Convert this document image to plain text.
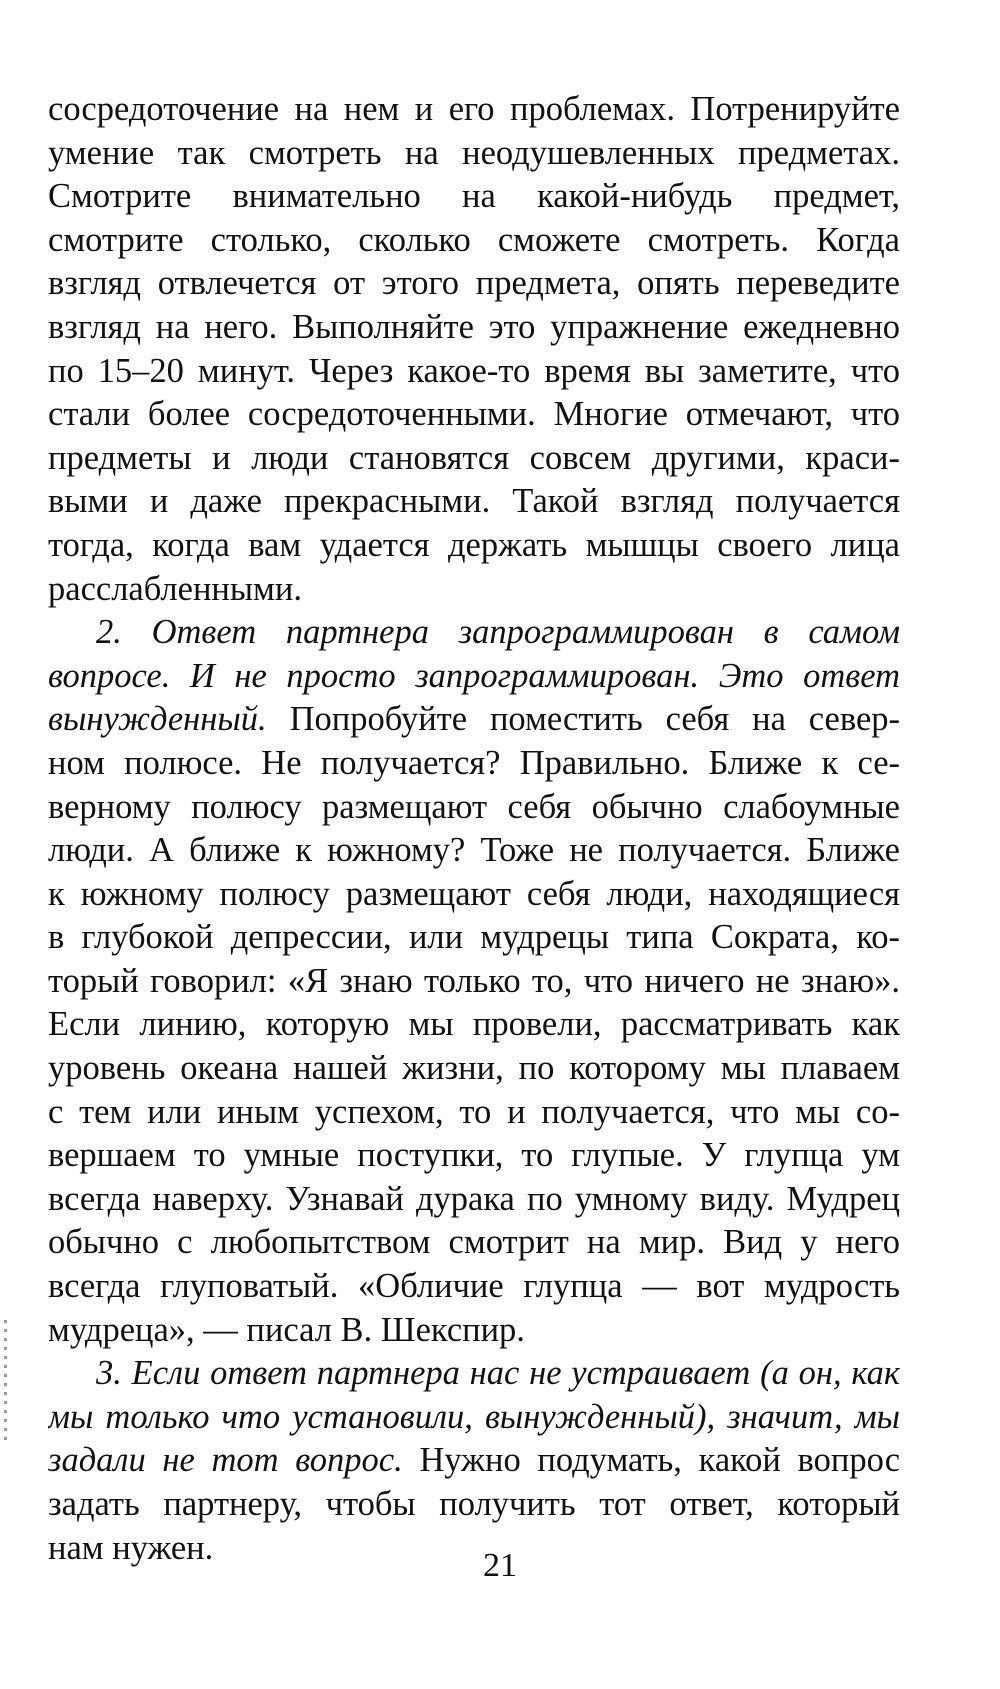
сосредоточение на нем и его проблемах. Потренируйте
умение так смотреть на неодушевленных предметах.
Смотрите внимательно на какой-нибудь предмет,
смотрите столько, сколько сможете смотреть. Когда
взгляд отвлечется от этого предмета, опять переведите
взгляд на него. Выполняйте это упражнение ежедневно
по 15–20 минут. Через какое-то время вы заметите, что
стали более сосредоточенными. Многие отмечают, что
предметы и люди становятся совсем другими, краси-
выми и даже прекрасными. Такой взгляд получается
тогда, когда вам удается держать мышцы своего лица
расслабленными.
2. Ответ партнера запрограммирован в самом
вопросе. И не просто запрограммирован. Это ответ
вынужденный. Попробуйте поместить себя на север-
ном полюсе. Не получается? Правильно. Ближе к се-
верному полюсу размещают себя обычно слабоумные
люди. А ближе к южному? Тоже не получается. Ближе
к южному полюсу размещают себя люди, находящиеся
в глубокой депрессии, или мудрецы типа Сократа, ко-
торый говорил: «Я знаю только то, что ничего не знаю».
Если линию, которую мы провели, рассматривать как
уровень океана нашей жизни, по которому мы плаваем
с тем или иным успехом, то и получается, что мы со-
вершаем то умные поступки, то глупые. У глупца ум
всегда наверху. Узнавай дурака по умному виду. Мудрец
обычно с любопытством смотрит на мир. Вид у него
всегда глуповатый. «Обличие глупца — вот мудрость
мудреца», — писал В. Шекспир.
3. Если ответ партнера нас не устраивает (а он, как
мы только что установили, вынужденный), значит, мы
задали не тот вопрос. Нужно подумать, какой вопрос
задать партнеру, чтобы получить тот ответ, который
нам нужен.	21
